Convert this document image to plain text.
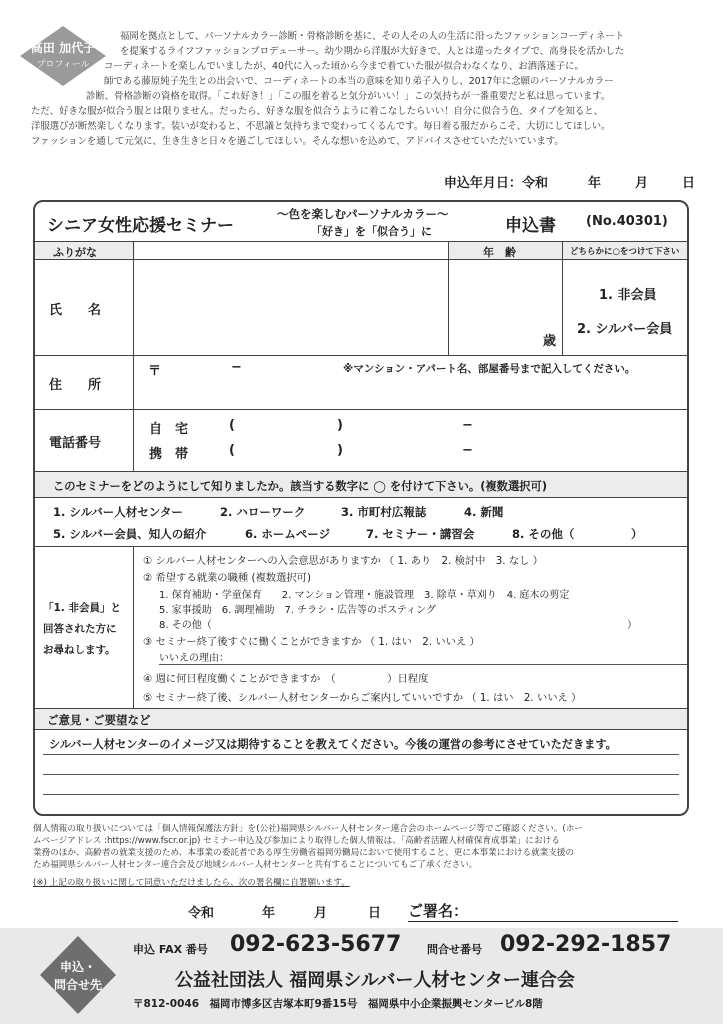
高田 加代子
プロフィール
福岡を拠点として、パーソナルカラー診断・骨格診断を基に、その人その人の生活に沿ったファッションコーディネート
を提案するライフファッションプロデューサー。幼少期から洋服が大好きで、人とは違ったタイプで、高身長を活かした
コーディネートを楽しんでいましたが、40代に入った頃から今まで着ていた服が似合わなくなり、お洒落迷子に。
師である藤原純子先生との出会いで、コーディネートの本当の意味を知り弟子入りし、2017年に念願のパーソナルカラー
診断、骨格診断の資格を取得。「これ好き！」「この服を着ると気分がいい！」この気持ちが一番重要だと私は思っています。
ただ、好きな服が似合う服とは限りません。だったら、好きな服を似合うように着こなしたらいい！自分に似合う色、タイプを知ると、
洋服選びが断然楽しくなります。装いが変わると、不思議と気持ちまで変わってくるんです。毎日着る服だからこそ、大切にしてほしい。
ファッションを通して元気に、生き生きと日々を過ごしてほしい。そんな想いを込めて、アドバイスさせていただいています。
申込年月日：令和	年	月	日
シニア女性応援セミナー
〜色を楽しむパーソナルカラー〜
「好き」を「似合う」に	申込書 (No.40301)
ふりがな	年　齢	どちらかに○をつけて下さい
氏　　名
歳
1. 非会員
2. シルバー会員
住　　所
〒	−	※マンション・アパート名、部屋番号まで記入してください。
電話番号
自　宅	(	)	−
携　帯	(	)	−
このセミナーをどのようにして知りましたか。該当する数字に ◯ を付けて下さい。(複数選択可)
1. シルバー人材センター	2. ハローワーク	3. 市町村広報誌	4. 新聞
5. シルバー会員、知人の紹介	6. ホームページ	7. セミナー・講習会	8. その他（	）
「1. 非会員」と
回答された方に
お尋ねします。
① シルバー人材センターへの入会意思がありますか （ 1. あり　2. 検討中　3. なし ）
② 希望する就業の職種 (複数選択可)
1. 保育補助・学童保育　　2. マンション管理・施設管理　3. 除草・草刈り　4. 庭木の剪定
5. 家事援助　6. 調理補助　7. チラシ・広告等のポスティング
8. その他（	）
③ セミナー終了後すぐに働くことができますか （ 1. はい　2. いいえ ）
いいえの理由：
④ 週に何日程度働くことができますか　（　　　　　）日程度
⑤ セミナー終了後、シルバー人材センターからご案内していいですか （ 1. はい　2. いいえ ）
ご意見・ご要望など
シルバー人材センターのイメージ又は期待することを教えてください。今後の運営の参考にさせていただきます。
個人情報の取り扱いについては「個人情報保護法方針」を(公社)福岡県シルバー人材センター連合会のホームページ等でご確認ください。(ホー
ムページアドレス :https://www.fscr.or.jp) セミナー申込及び参加により取得した個人情報は、「高齢者活躍人材確保育成事業」における
業務のほか、高齢者の就業支援のため、本事業の委託者である厚生労働省福岡労働局において使用すること、更に本事業における就業支援の
ため福岡県シルバー人材センター連合会及び地域シルバー人材センターと共有することについてもご了承ください。
(※) 上記の取り扱いに関して同意いただけましたら、次の署名欄に自署願います。
令和	年	月	日 ご署名：
申込・
問合せ先
申込 FAX 番号 092-623-5677 問合せ番号 092-292-1857
公益社団法人 福岡県シルバー人材センター連合会
〒812-0046　福岡市博多区吉塚本町9番15号　福岡県中小企業振興センタービル8階
